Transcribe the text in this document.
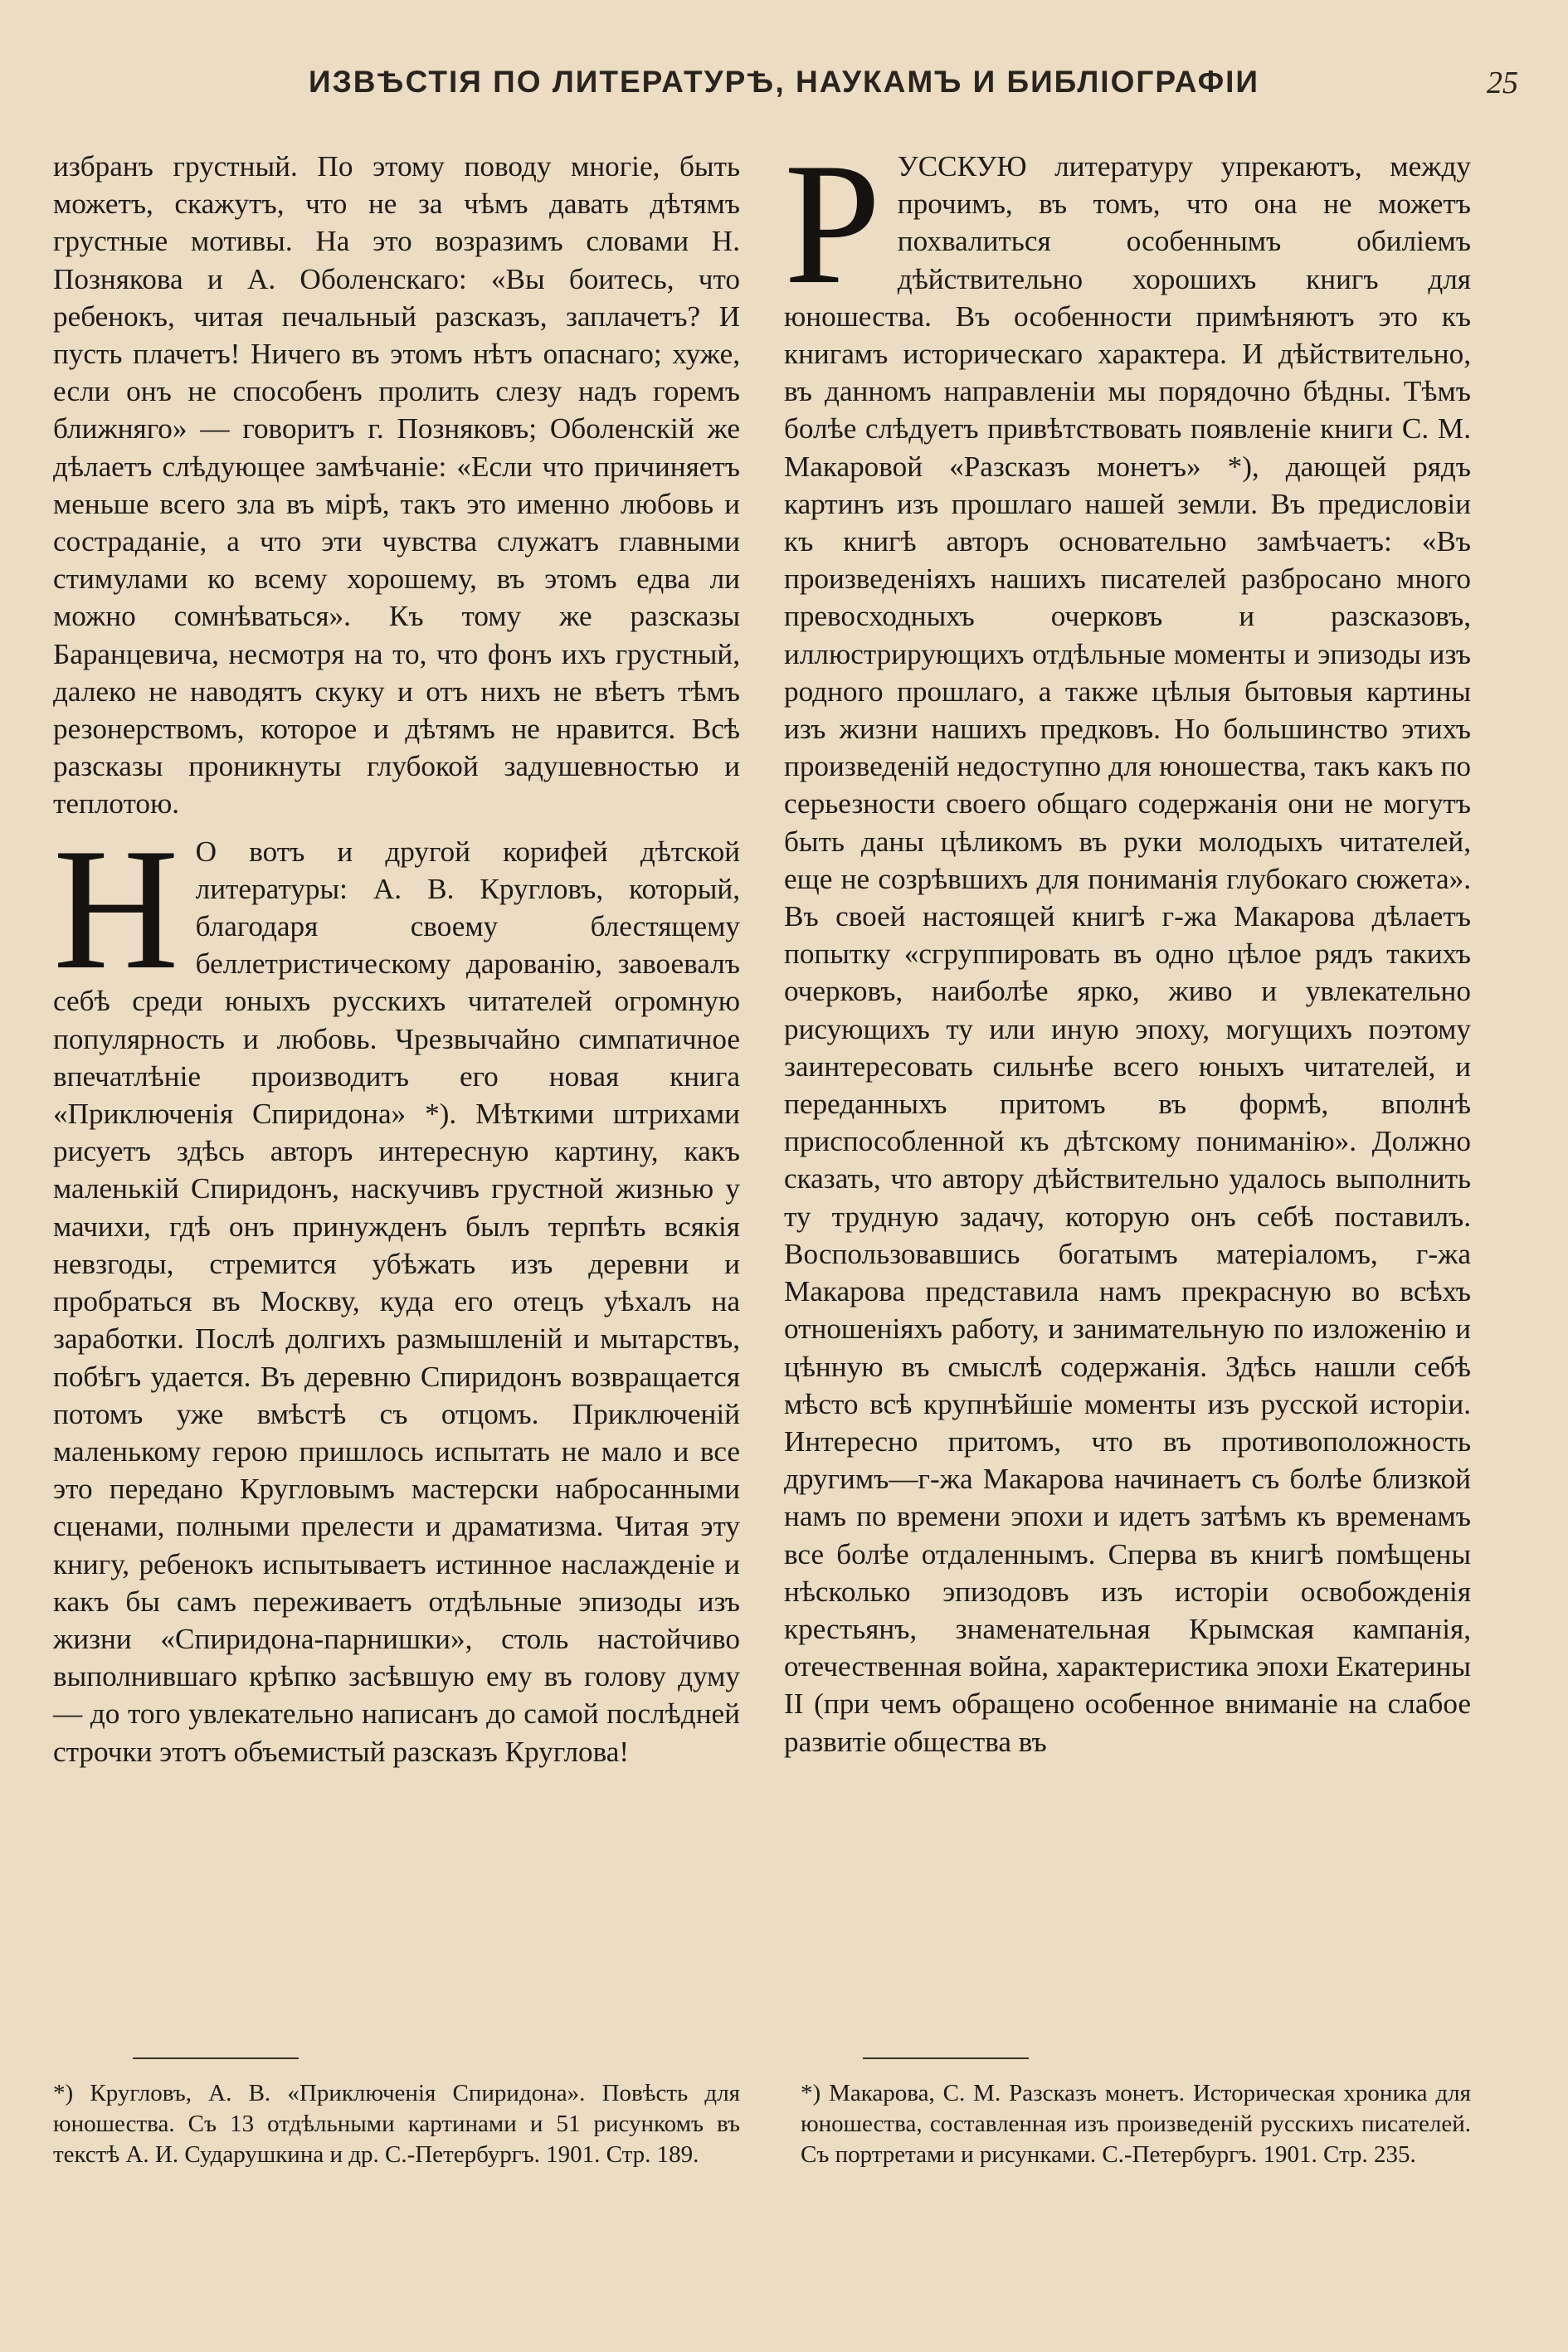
ИЗВѢСТІЯ ПО ЛИТЕРАТУРѢ, НАУКАМЪ И БИБЛІОГРАФІИ	25

избранъ грустный. По этому поводу многіе, быть можетъ, скажутъ, что не за чѣмъ давать дѣтямъ грустные мотивы. На это возразимъ словами Н. Познякова и А. Оболенскаго: «Вы боитесь, что ребенокъ, читая печальный разсказъ, заплачетъ? И пусть плачетъ! Ничего въ этомъ нѣтъ опаснаго; хуже, если онъ не способенъ пролить слезу надъ горемъ ближняго» — говоритъ г. Позняковъ; Оболенскій же дѣлаетъ слѣдующее замѣчаніе: «Если что причиняетъ меньше всего зла въ мірѣ, такъ это именно любовь и состраданіе, а что эти чувства служатъ главными стимулами ко всему хорошему, въ этомъ едва ли можно сомнѣваться». Къ тому же разсказы Баранцевича, несмотря на то, что фонъ ихъ грустный, далеко не наводятъ скуку и отъ нихъ не вѣетъ тѣмъ резонерствомъ, которое и дѣтямъ не нравится. Всѣ разсказы проникнуты глубокой задушевностью и теплотою.

Н О вотъ и другой корифей дѣтской литературы: А. В. Кругловъ, который, благодаря своему блестящему беллетристическому дарованію, завоевалъ себѣ среди юныхъ русскихъ читателей огромную популярность и любовь. Чрезвычайно симпатичное впечатлѣніе производитъ его новая книга «Приключенія Спиридона» *). Мѣткими штрихами рисуетъ здѣсь авторъ интересную картину, какъ маленькій Спиридонъ, наскучивъ грустной жизнью у мачихи, гдѣ онъ принужденъ былъ терпѣть всякія невзгоды, стремится убѣжать изъ деревни и пробраться въ Москву, куда его отецъ уѣхалъ на заработки. Послѣ долгихъ размышленій и мытарствъ, побѣгъ удается. Въ деревню Спиридонъ возвращается потомъ уже вмѣстѣ съ отцомъ. Приключеній маленькому герою пришлось испытать не мало и все это передано Кругловымъ мастерски набросанными сценами, полными прелести и драматизма. Читая эту книгу, ребенокъ испытываетъ истинное наслажденіе и какъ бы самъ переживаетъ отдѣльные эпизоды изъ жизни «Спиридона-парнишки», столь настойчиво выполнившаго крѣпко засѣвшую ему въ голову думу — до того увлекательно написанъ до самой послѣдней строчки этотъ объемистый разсказъ Круглова!

РУССКУЮ литературу упрекаютъ, между прочимъ, въ томъ, что она не можетъ похвалиться особеннымъ обиліемъ дѣйствительно хорошихъ книгъ для юношества. Въ особенности примѣняютъ это къ книгамъ историческаго характера. И дѣйствительно, въ данномъ направленіи мы порядочно бѣдны. Тѣмъ болѣе слѣдуетъ привѣтствовать появленіе книги С. М. Макаровой «Разсказъ монетъ» *), дающей рядъ картинъ изъ прошлаго нашей земли. Въ предисловіи къ книгѣ авторъ основательно замѣчаетъ: «Въ произведеніяхъ нашихъ писателей разбросано много превосходныхъ очерковъ и разсказовъ, иллюстрирующихъ отдѣльные моменты и эпизоды изъ родного прошлаго, а также цѣлыя бытовыя картины изъ жизни нашихъ предковъ. Но большинство этихъ произведеній недоступно для юношества, такъ какъ по серьезности своего общаго содержанія они не могутъ быть даны цѣликомъ въ руки молодыхъ читателей, еще не созрѣвшихъ для пониманія глубокаго сюжета». Въ своей настоящей книгѣ г-жа Макарова дѣлаетъ попытку «сгруппировать въ одно цѣлое рядъ такихъ очерковъ, наиболѣе ярко, живо и увлекательно рисующихъ ту или иную эпоху, могущихъ поэтому заинтересовать сильнѣе всего юныхъ читателей, и переданныхъ притомъ въ формѣ, вполнѣ приспособленной къ дѣтскому пониманію». Должно сказать, что автору дѣйствительно удалось выполнить ту трудную задачу, которую онъ себѣ поставилъ. Воспользовавшись богатымъ матеріаломъ, г-жа Макарова представила намъ прекрасную во всѣхъ отношеніяхъ работу, и занимательную по изложенію и цѣнную въ смыслѣ содержанія. Здѣсь нашли себѣ мѣсто всѣ крупнѣйшіе моменты изъ русской исторіи. Интересно притомъ, что въ противоположность другимъ—г-жа Макарова начинаетъ съ болѣе близкой намъ по времени эпохи и идетъ затѣмъ къ временамъ все болѣе отдаленнымъ. Сперва въ книгѣ помѣщены нѣсколько эпизодовъ изъ исторіи освобожденія крестьянъ, знаменательная Крымская кампанія, отечественная война, характеристика эпохи Екатерины II (при чемъ обращено особенное вниманіе на слабое развитіе общества въ

*) Кругловъ, А. В. «Приключенія Спиридона». Повѣсть для юношества. Съ 13 отдѣльными картинами и 51 рисункомъ въ текстѣ А. И. Сударушкина и др. С.-Петербургъ. 1901. Стр. 189.
*) Макарова, С. М. Разсказъ монетъ. Историческая хроника для юношества, составленная изъ произведеній русскихъ писателей. Съ портретами и рисунками. С.-Петербургъ. 1901. Стр. 235.
